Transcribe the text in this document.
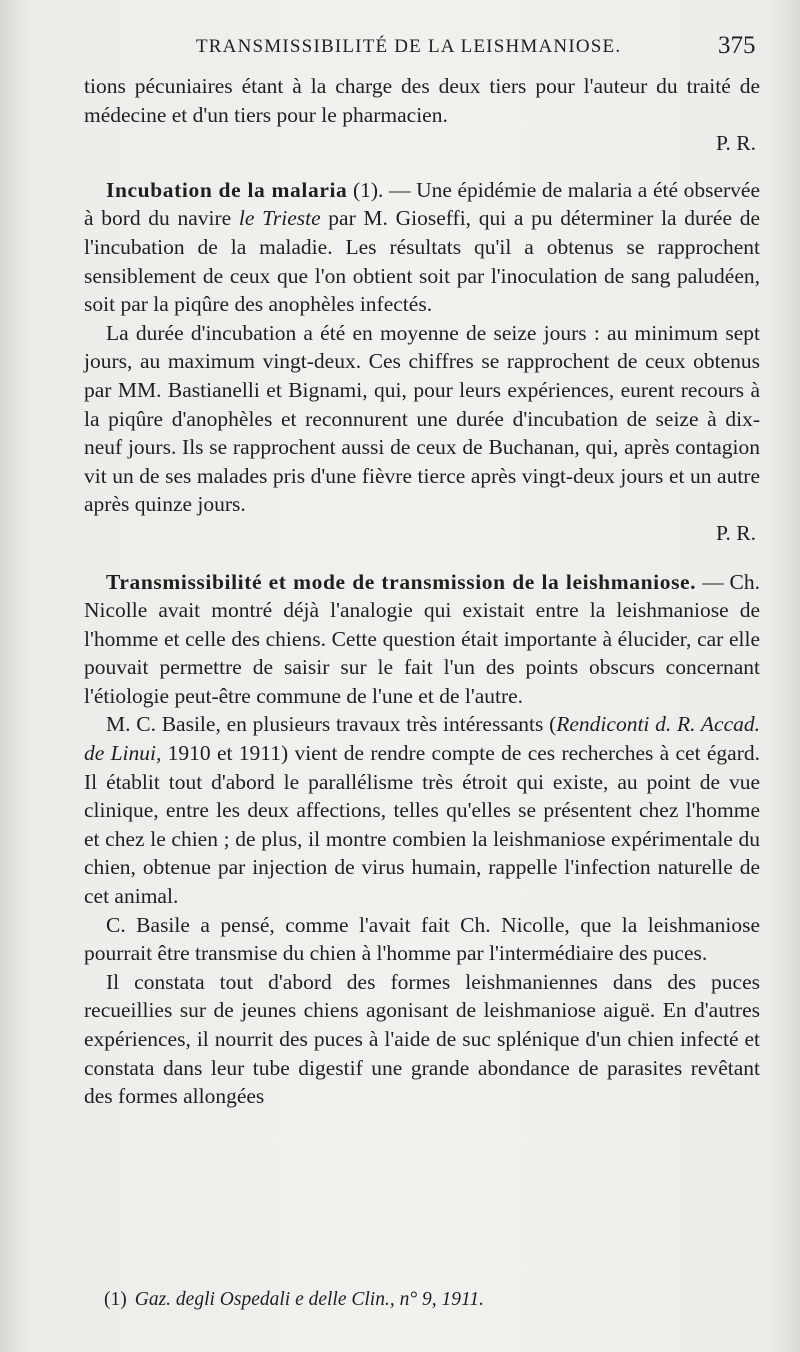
TRANSMISSIBILITÉ DE LA LEISHMANIOSE.	375

tions pécuniaires étant à la charge des deux tiers pour l'auteur du traité de médecine et d'un tiers pour le pharmacien.

P. R.

Incubation de la malaria (1). — Une épidémie de malaria a été observée à bord du navire le Trieste par M. Gioseffi, qui a pu déterminer la durée de l'incubation de la maladie. Les résultats qu'il a obtenus se rapprochent sensiblement de ceux que l'on obtient soit par l'inoculation de sang paludéen, soit par la piqûre des anophèles infectés.

La durée d'incubation a été en moyenne de seize jours : au minimum sept jours, au maximum vingt-deux. Ces chiffres se rapprochent de ceux obtenus par MM. Bastianelli et Bignami, qui, pour leurs expériences, eurent recours à la piqûre d'anophèles et reconnurent une durée d'incubation de seize à dix-neuf jours. Ils se rapprochent aussi de ceux de Buchanan, qui, après contagion vit un de ses malades pris d'une fièvre tierce après vingt-deux jours et un autre après quinze jours.

P. R.

Transmissibilité et mode de transmission de la leishmaniose. — Ch. Nicolle avait montré déjà l'analogie qui existait entre la leishmaniose de l'homme et celle des chiens. Cette question était importante à élucider, car elle pouvait permettre de saisir sur le fait l'un des points obscurs concernant l'étiologie peut-être commune de l'une et de l'autre.

M. C. Basile, en plusieurs travaux très intéressants (Rendiconti d. R. Accad. de Linui, 1910 et 1911) vient de rendre compte de ces recherches à cet égard. Il établit tout d'abord le parallélisme très étroit qui existe, au point de vue clinique, entre les deux affections, telles qu'elles se présentent chez l'homme et chez le chien ; de plus, il montre combien la leishmaniose expérimentale du chien, obtenue par injection de virus humain, rappelle l'infection naturelle de cet animal.

C. Basile a pensé, comme l'avait fait Ch. Nicolle, que la leishmaniose pourrait être transmise du chien à l'homme par l'intermédiaire des puces.

Il constata tout d'abord des formes leishmaniennes dans des puces recueillies sur de jeunes chiens agonisant de leishmaniose aiguë. En d'autres expériences, il nourrit des puces à l'aide de suc splénique d'un chien infecté et constata dans leur tube digestif une grande abondance de parasites revêtant des formes allongées

(1) Gaz. degli Ospedali e delle Clin., n° 9, 1911.
